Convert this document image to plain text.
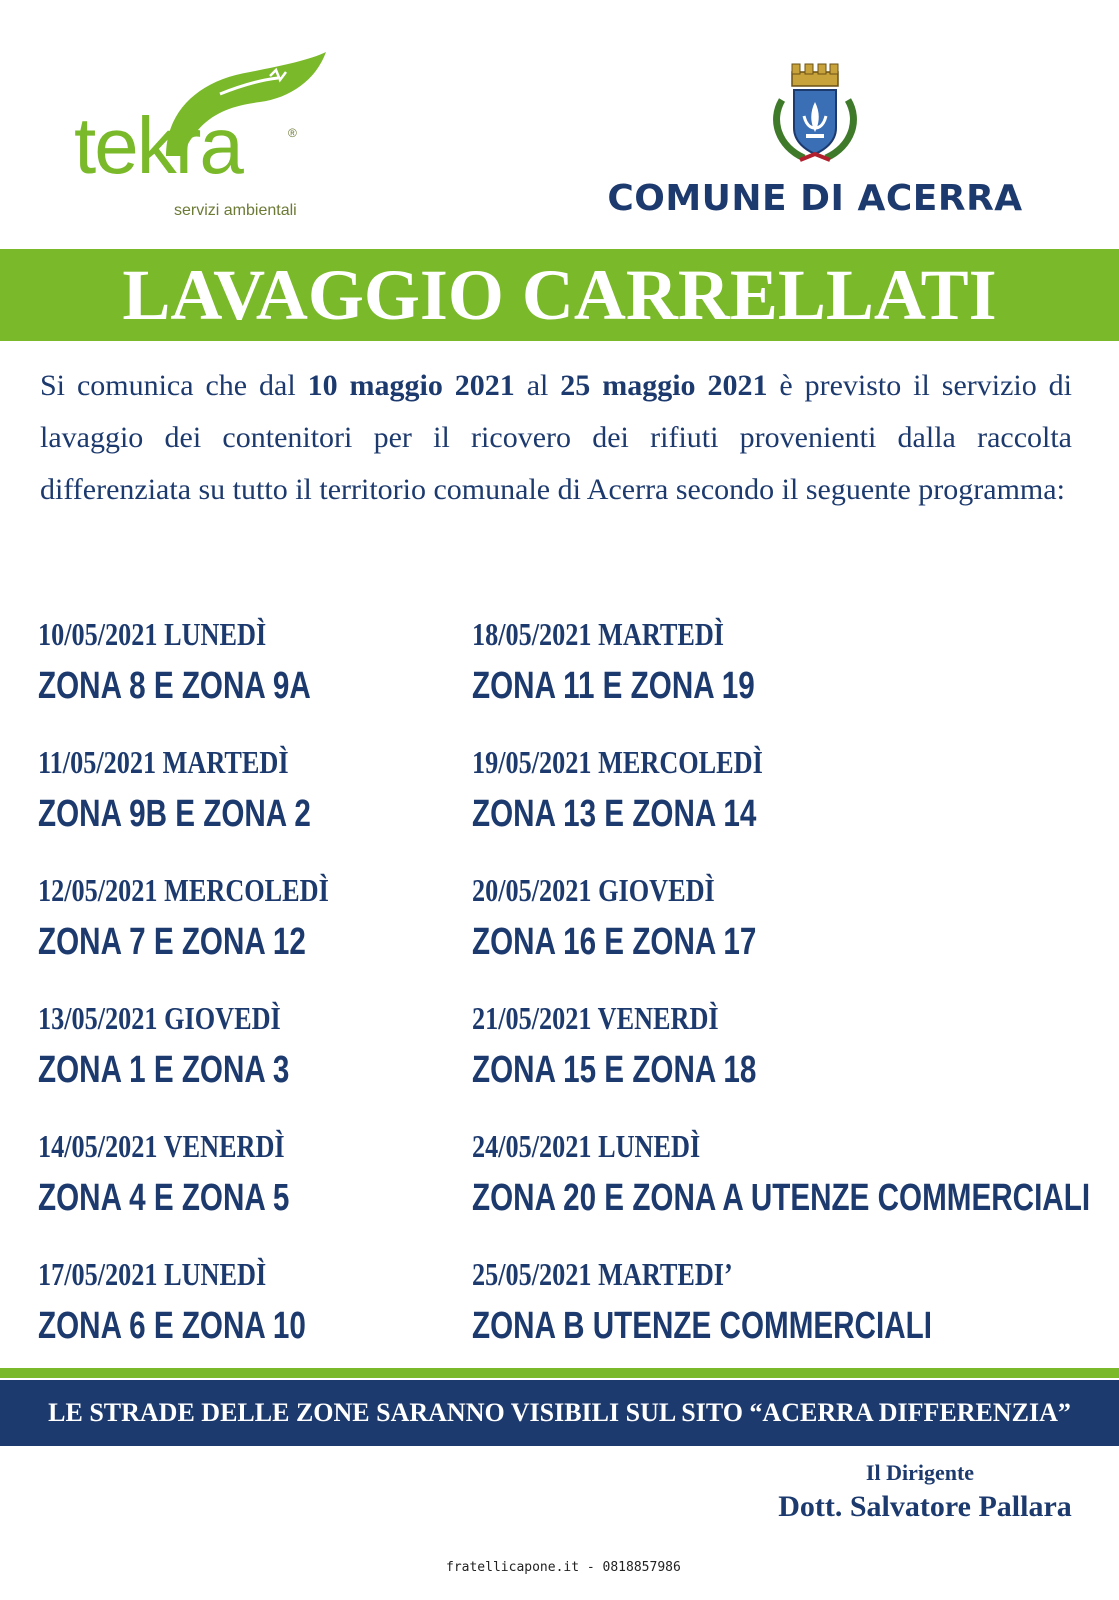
tekra	®
servizi ambientali	COMUNE DI ACERRA
LAVAGGIO CARRELLATI
Si comunica che dal 10 maggio 2021 al 25 maggio 2021 è previsto il servizio di lavaggio dei contenitori per il ricovero dei rifiuti provenienti dalla raccolta differenziata su tutto il territorio comunale di Acerra secondo il seguente programma:
10/05/2021 LUNEDÌ
ZONA 8 E ZONA 9A
11/05/2021 MARTEDÌ
ZONA 9B E ZONA 2
12/05/2021 MERCOLEDÌ
ZONA 7 E ZONA 12
13/05/2021 GIOVEDÌ
ZONA 1 E ZONA 3
14/05/2021 VENERDÌ
ZONA 4 E ZONA 5
17/05/2021 LUNEDÌ
ZONA 6 E ZONA 10
18/05/2021 MARTEDÌ
ZONA 11 E ZONA 19
19/05/2021 MERCOLEDÌ
ZONA 13 E ZONA 14
20/05/2021 GIOVEDÌ
ZONA 16 E ZONA 17
21/05/2021 VENERDÌ
ZONA 15 E ZONA 18
24/05/2021 LUNEDÌ
ZONA 20 E ZONA A UTENZE COMMERCIALI
25/05/2021 MARTEDI’
ZONA B UTENZE COMMERCIALI
LE STRADE DELLE ZONE SARANNO VISIBILI SUL SITO “ACERRA DIFFERENZIA”
Il Dirigente
Dott. Salvatore Pallara
fratellicapone.it - 0818857986
